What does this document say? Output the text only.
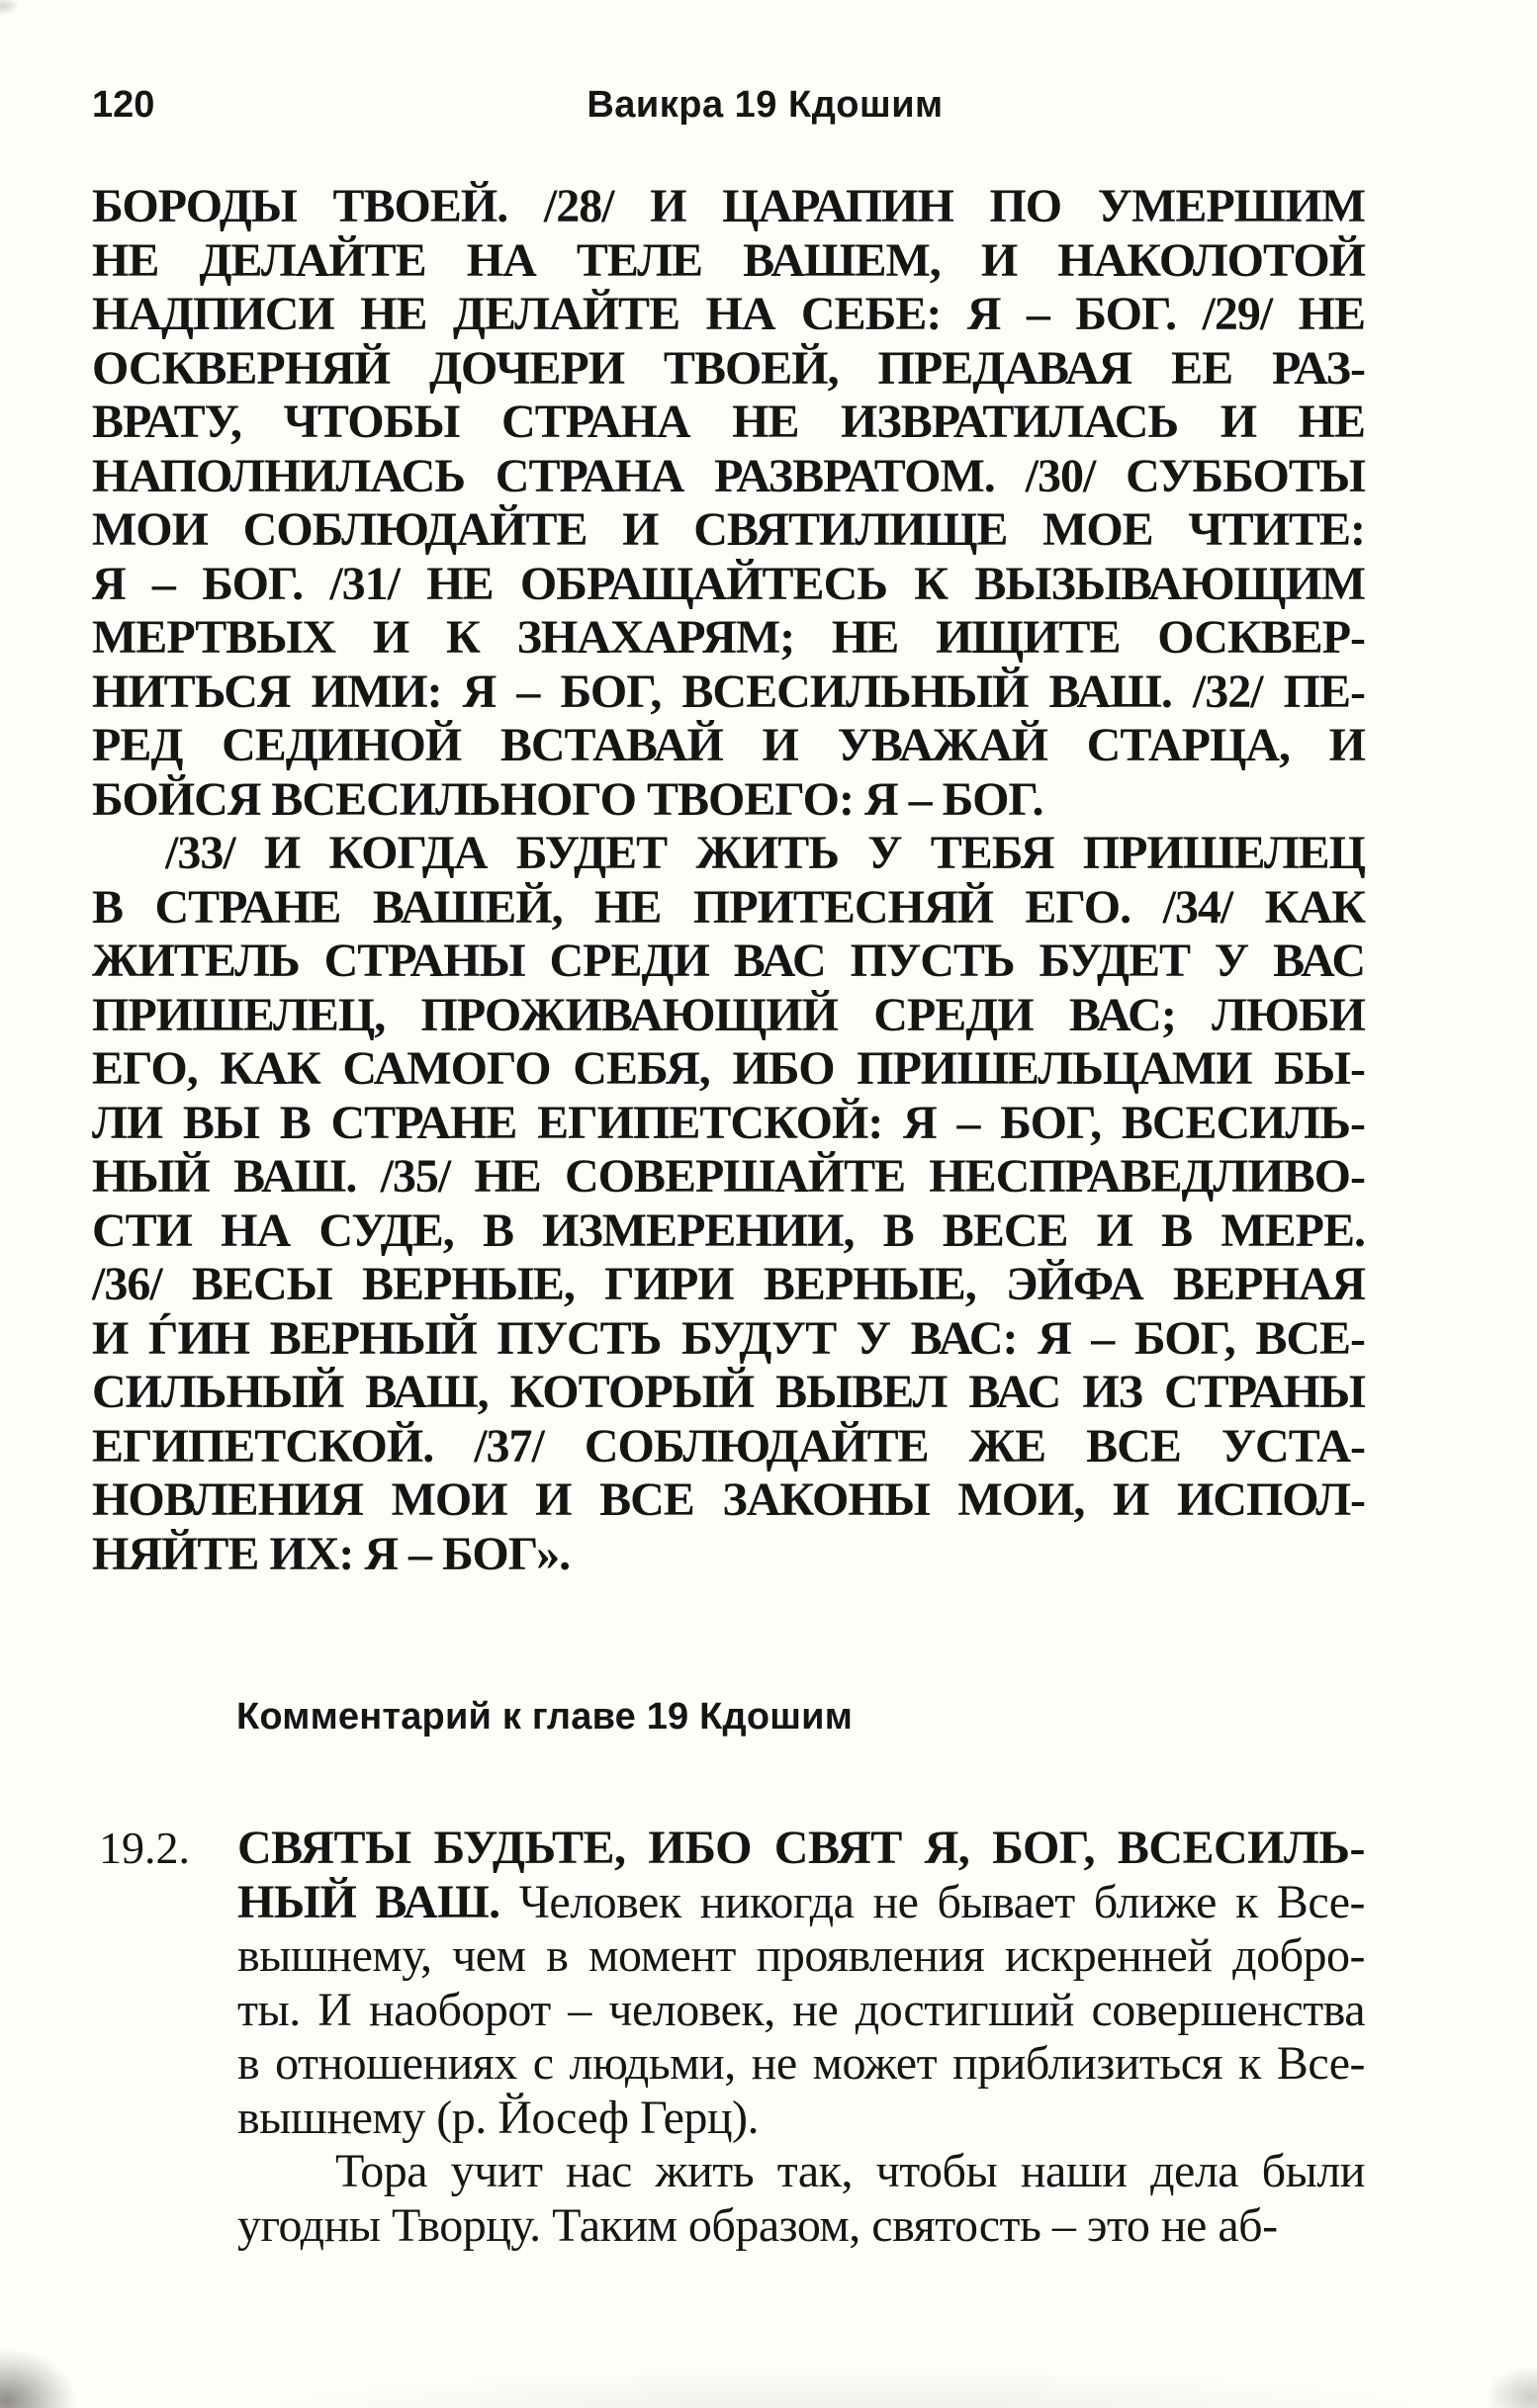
120	Ваикра 19 Кдошим
БОРОДЫ ТВОЕЙ. /28/ И ЦАРАПИН ПО УМЕРШИМ
НЕ ДЕЛАЙТЕ НА ТЕЛЕ ВАШЕМ, И НАКОЛОТОЙ
НАДПИСИ НЕ ДЕЛАЙТЕ НА СЕБЕ: Я – БОГ. /29/ НЕ
ОСКВЕРНЯЙ ДОЧЕРИ ТВОЕЙ, ПРЕДАВАЯ ЕЕ РАЗ-
ВРАТУ, ЧТОБЫ СТРАНА НЕ ИЗВРАТИЛАСЬ И НЕ
НАПОЛНИЛАСЬ СТРАНА РАЗВРАТОМ. /30/ СУББОТЫ
МОИ СОБЛЮДАЙТЕ И СВЯТИЛИЩЕ МОЕ ЧТИТЕ:
Я – БОГ. /31/ НЕ ОБРАЩАЙТЕСЬ К ВЫЗЫВАЮЩИМ
МЕРТВЫХ И К ЗНАХАРЯМ; НЕ ИЩИТЕ ОСКВЕР-
НИТЬСЯ ИМИ: Я – БОГ, ВСЕСИЛЬНЫЙ ВАШ. /32/ ПЕ-
РЕД СЕДИНОЙ ВСТАВАЙ И УВАЖАЙ СТАРЦА, И
БОЙСЯ ВСЕСИЛЬНОГО ТВОЕГО: Я – БОГ.
/33/ И КОГДА БУДЕТ ЖИТЬ У ТЕБЯ ПРИШЕЛЕЦ
В СТРАНЕ ВАШЕЙ, НЕ ПРИТЕСНЯЙ ЕГО. /34/ КАК
ЖИТЕЛЬ СТРАНЫ СРЕДИ ВАС ПУСТЬ БУДЕТ У ВАС
ПРИШЕЛЕЦ, ПРОЖИВАЮЩИЙ СРЕДИ ВАС; ЛЮБИ
ЕГО, КАК САМОГО СЕБЯ, ИБО ПРИШЕЛЬЦАМИ БЫ-
ЛИ ВЫ В СТРАНЕ ЕГИПЕТСКОЙ: Я – БОГ, ВСЕСИЛЬ-
НЫЙ ВАШ. /35/ НЕ СОВЕРШАЙТЕ НЕСПРАВЕДЛИВО-
СТИ НА СУДЕ, В ИЗМЕРЕНИИ, В ВЕСЕ И В МЕРЕ.
/36/ ВЕСЫ ВЕРНЫЕ, ГИРИ ВЕРНЫЕ, ЭЙФА ВЕРНАЯ
И ЃИН ВЕРНЫЙ ПУСТЬ БУДУТ У ВАС: Я – БОГ, ВСЕ-
СИЛЬНЫЙ ВАШ, КОТОРЫЙ ВЫВЕЛ ВАС ИЗ СТРАНЫ
ЕГИПЕТСКОЙ. /37/ СОБЛЮДАЙТЕ ЖЕ ВСЕ УСТА-
НОВЛЕНИЯ МОИ И ВСЕ ЗАКОНЫ МОИ, И ИСПОЛ-
НЯЙТЕ ИХ: Я – БОГ».
Комментарий к главе 19 Кдошим
19.2. СВЯТЫ БУДЬТЕ, ИБО СВЯТ Я, БОГ, ВСЕСИЛЬ-
НЫЙ ВАШ. Человек никогда не бывает ближе к Все-
вышнему, чем в момент проявления искренней добро-
ты. И наоборот – человек, не достигший совершенства
в отношениях с людьми, не может приблизиться к Все-
вышнему (р. Йосеф Герц).
Тора учит нас жить так, чтобы наши дела были
угодны Творцу. Таким образом, святость – это не аб-
